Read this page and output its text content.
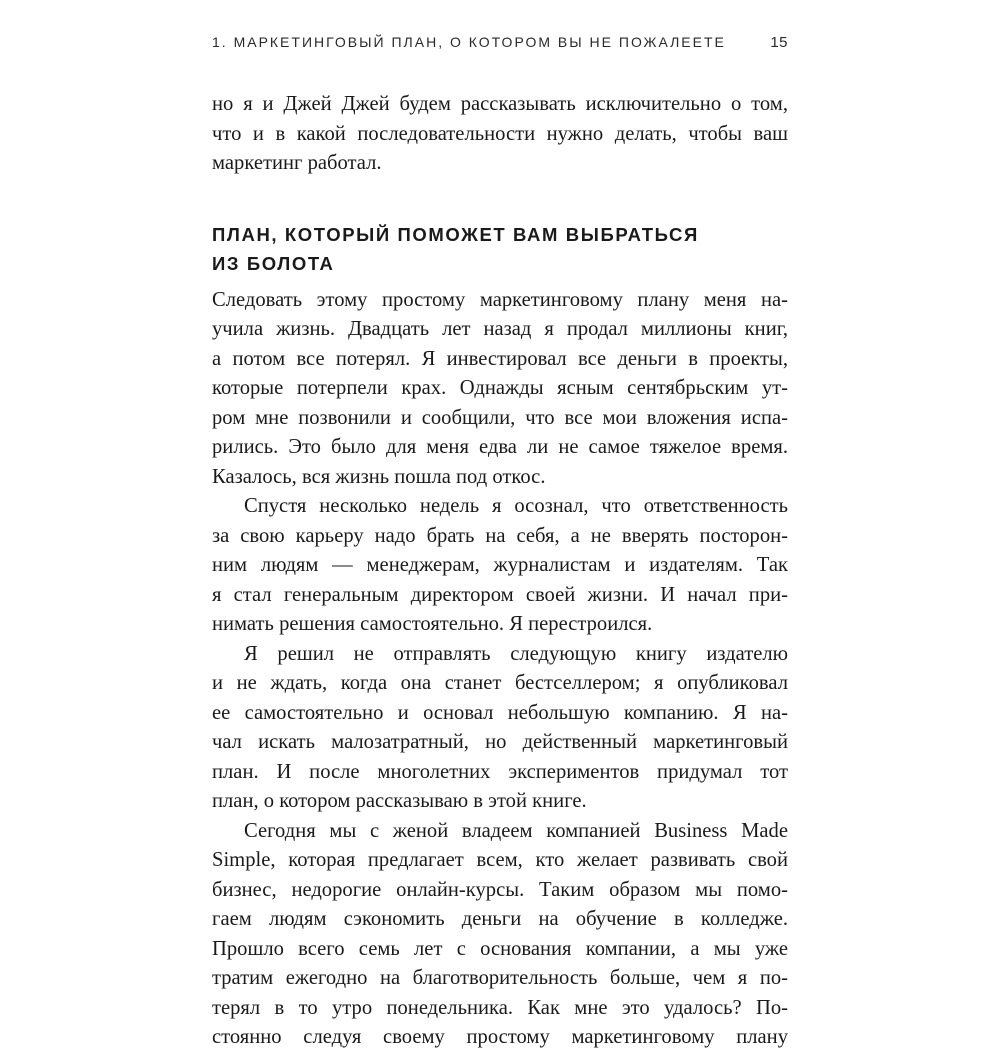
1. МАРКЕТИНГОВЫЙ ПЛАН, О КОТОРОМ ВЫ НЕ ПОЖАЛЕЕТЕ	15
но я и Джей Джей будем рассказывать исключительно о том,
что и в какой последовательности нужно делать, чтобы ваш
маркетинг работал.
ПЛАН, КОТОРЫЙ ПОМОЖЕТ ВАМ ВЫБРАТЬСЯ
ИЗ БОЛОТА
Следовать этому простому маркетинговому плану меня на-
учила жизнь. Двадцать лет назад я продал миллионы книг,
а потом все потерял. Я инвестировал все деньги в проекты,
которые потерпели крах. Однажды ясным сентябрьским ут-
ром мне позвонили и сообщили, что все мои вложения испа-
рились. Это было для меня едва ли не самое тяжелое время.
Казалось, вся жизнь пошла под откос.
Спустя несколько недель я осознал, что ответственность
за свою карьеру надо брать на себя, а не вверять посторон-
ним людям — менеджерам, журналистам и издателям. Так
я стал генеральным директором своей жизни. И начал при-
нимать решения самостоятельно. Я перестроился.
Я решил не отправлять следующую книгу издателю
и не ждать, когда она станет бестселлером; я опубликовал
ее самостоятельно и основал небольшую компанию. Я на-
чал искать малозатратный, но действенный маркетинговый
план. И после многолетних экспериментов придумал тот
план, о котором рассказываю в этой книге.
Сегодня мы с женой владеем компанией Business Made
Simple, которая предлагает всем, кто желает развивать свой
бизнес, недорогие онлайн-курсы. Таким образом мы помо-
гаем людям сэкономить деньги на обучение в колледже.
Прошло всего семь лет с основания компании, а мы уже
тратим ежегодно на благотворительность больше, чем я по-
терял в то утро понедельника. Как мне это удалось? По-
стоянно следуя своему простому маркетинговому плану
